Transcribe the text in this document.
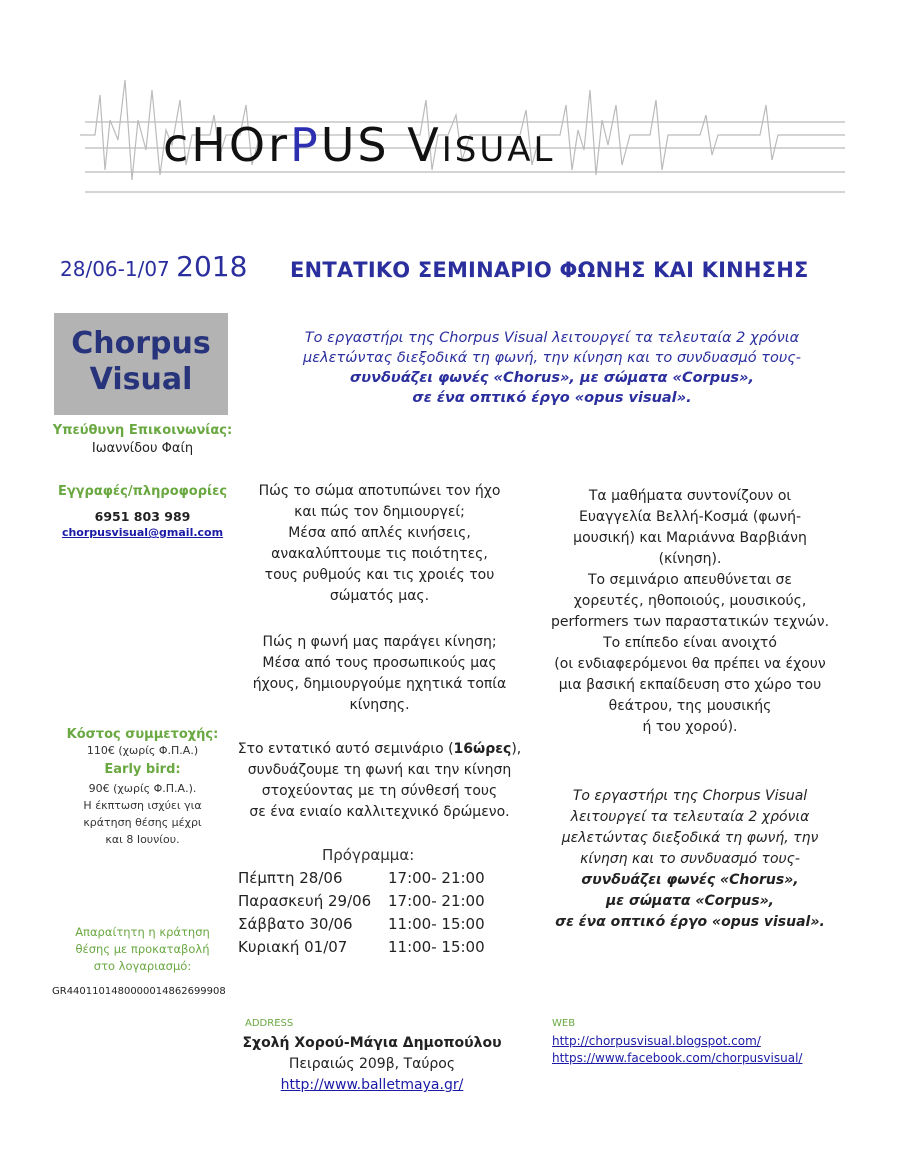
cHOrPUS VISUAL
28/06-1/07 2018 ΕΝΤΑΤΙΚΟ ΣΕΜΙΝΑΡΙΟ ΦΩΝΗΣ ΚΑΙ ΚΙΝΗΣΗΣ
Chorpus
Visual
Το εργαστήρι της Chorpus Visual λειτουργεί τα τελευταία 2 χρόνια
μελετώντας διεξοδικά τη φωνή, την κίνηση και το συνδυασμό τους-
συνδυάζει φωνές «Chorus», με σώματα «Corpus»,
σε ένα οπτικό έργο «opus visual».
Υπεύθυνη Επικοινωνίας:
Ιωαννίδου Φαίη
Εγγραφές/πληροφορίες
6951 803 989
chorpusvisual@gmail.com
Κόστος συμμετοχής:
110€ (χωρίς Φ.Π.Α.)
Early bird:
90€ (χωρίς Φ.Π.Α.).
Η έκπτωση ισχύει για
κράτηση θέσης μέχρι
και 8 Ιουνίου.
Απαραίτητη η κράτηση
θέσης με προκαταβολή
στο λογαριασμό:
GR4401101480000014862699908
Πώς το σώμα αποτυπώνει τον ήχο
και πώς τον δημιουργεί;
Μέσα από απλές κινήσεις,
ανακαλύπτουμε τις ποιότητες,
τους ρυθμούς και τις χροιές του
σώματός μας.
Πώς η φωνή μας παράγει κίνηση;
Μέσα από τους προσωπικούς μας
ήχους, δημιουργούμε ηχητικά τοπία
κίνησης.
Στο εντατικό αυτό σεμινάριο (16ώρες),
συνδυάζουμε τη φωνή και την κίνηση
στοχεύοντας με τη σύνθεσή τους
σε ένα ενιαίο καλλιτεχνικό δρώμενο.
Πρόγραμμα:
Πέμπτη 28/06	17:00- 21:00
Παρασκευή 29/06 17:00- 21:00
Σάββατο 30/06 11:00- 15:00
Κυριακή 01/07	11:00- 15:00
Τα μαθήματα συντονίζουν οι
Ευαγγελία Βελλή-Κοσμά (φωνή-
μουσική) και Μαριάννα Βαρβιάνη
(κίνηση).
Το σεμινάριο απευθύνεται σε
χορευτές, ηθοποιούς, μουσικούς,
performers των παραστατικών τεχνών.
Το επίπεδο είναι ανοιχτό
(οι ενδιαφερόμενοι θα πρέπει να έχουν
μια βασική εκπαίδευση στο χώρο του
θεάτρου, της μουσικής
ή του χορού).
Το εργαστήρι της Chorpus Visual
λειτουργεί τα τελευταία 2 χρόνια
μελετώντας διεξοδικά τη φωνή, την
κίνηση και το συνδυασμό τους-
συνδυάζει φωνές «Chorus»,
με σώματα «Corpus»,
σε ένα οπτικό έργο «opus visual».
ADDRESS
Σχολή Χορού-Μάγια Δημοπούλου
Πειραιώς 209β, Ταύρος
http://www.balletmaya.gr/
WEB
http://chorpusvisual.blogspot.com/
https://www.facebook.com/chorpusvisual/
